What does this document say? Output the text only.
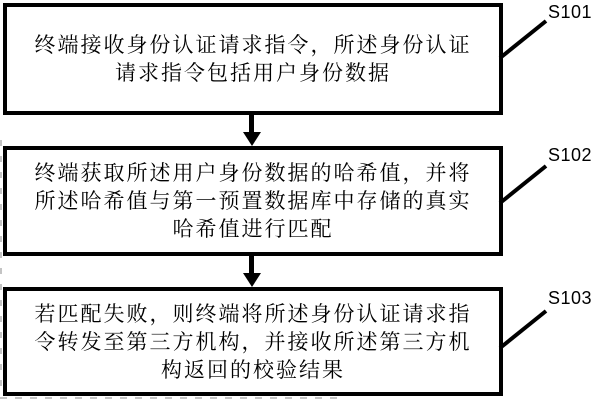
终端接收身份认证请求指令，所述身份认证
请求指令包括用户身份数据
终端获取所述用户身份数据的哈希值，并将
所述哈希值与第一预置数据库中存储的真实
哈希值进行匹配
若匹配失败，则终端将所述身份认证请求指
令转发至第三方机构，并接收所述第三方机
构返回的校验结果
S101
S102
S103
